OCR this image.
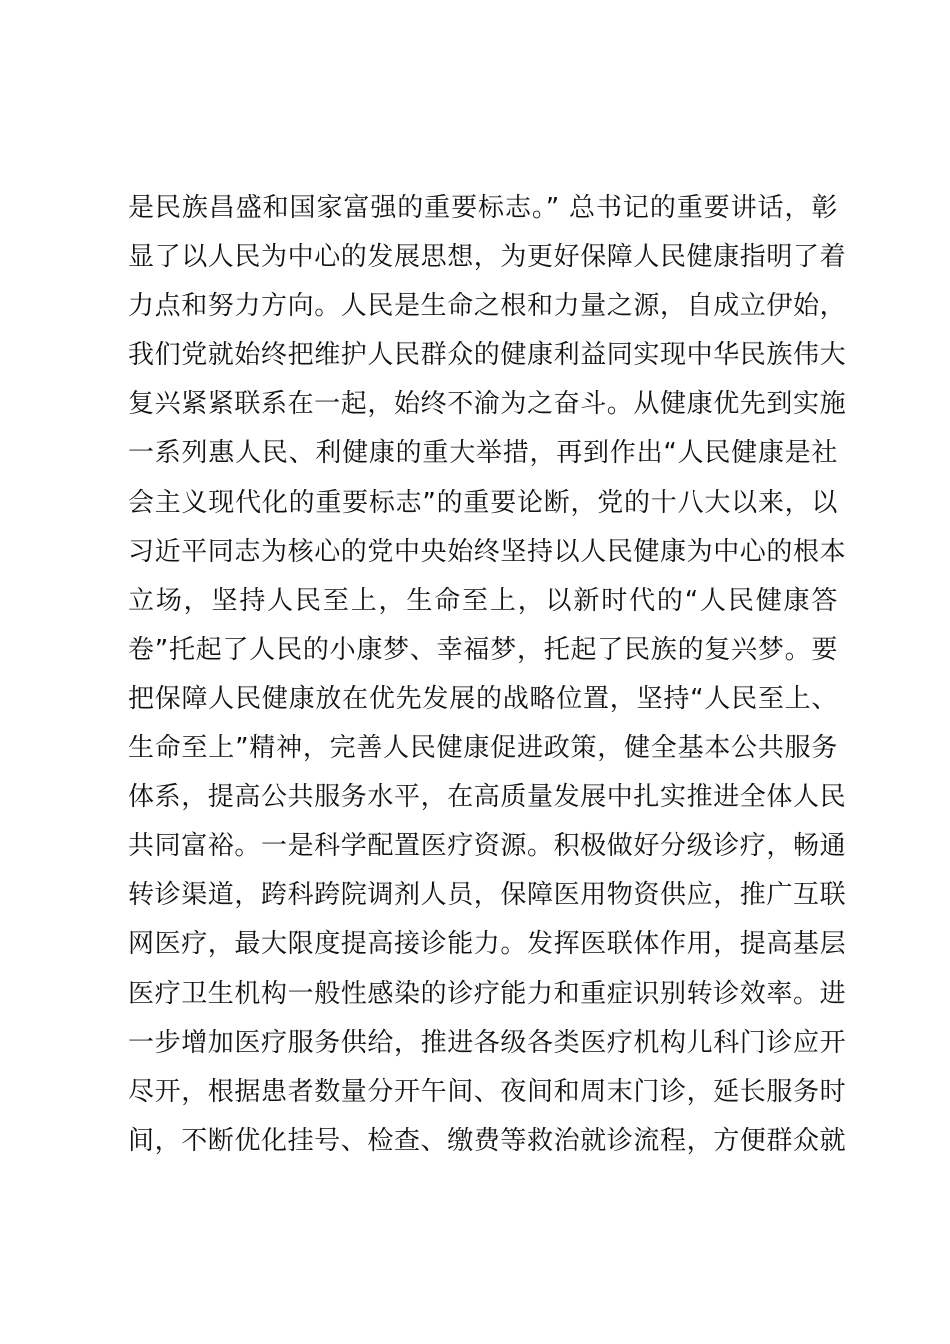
是民族昌盛和国家富强的重要标志。” 总书记的重要讲话，彰
显了以人民为中心的发展思想，为更好保障人民健康指明了着
力点和努力方向。人民是生命之根和力量之源，自成立伊始，
我们党就始终把维护人民群众的健康利益同实现中华民族伟大
复兴紧紧联系在一起，始终不渝为之奋斗。从健康优先到实施
一系列惠人民、利健康的重大举措，再到作出“人民健康是社
会主义现代化的重要标志”的重要论断，党的十八大以来，以
习近平同志为核心的党中央始终坚持以人民健康为中心的根本
立场，坚持人民至上，生命至上，以新时代的“人民健康答
卷”托起了人民的小康梦、幸福梦，托起了民族的复兴梦。要
把保障人民健康放在优先发展的战略位置，坚持“人民至上、
生命至上”精神，完善人民健康促进政策，健全基本公共服务
体系，提高公共服务水平，在高质量发展中扎实推进全体人民
共同富裕。一是科学配置医疗资源。积极做好分级诊疗，畅通
转诊渠道，跨科跨院调剂人员，保障医用物资供应，推广互联
网医疗，最大限度提高接诊能力。发挥医联体作用，提高基层
医疗卫生机构一般性感染的诊疗能力和重症识别转诊效率。进
一步增加医疗服务供给，推进各级各类医疗机构儿科门诊应开
尽开，根据患者数量分开午间、夜间和周末门诊，延长服务时
间，不断优化挂号、检查、缴费等救治就诊流程，方便群众就
